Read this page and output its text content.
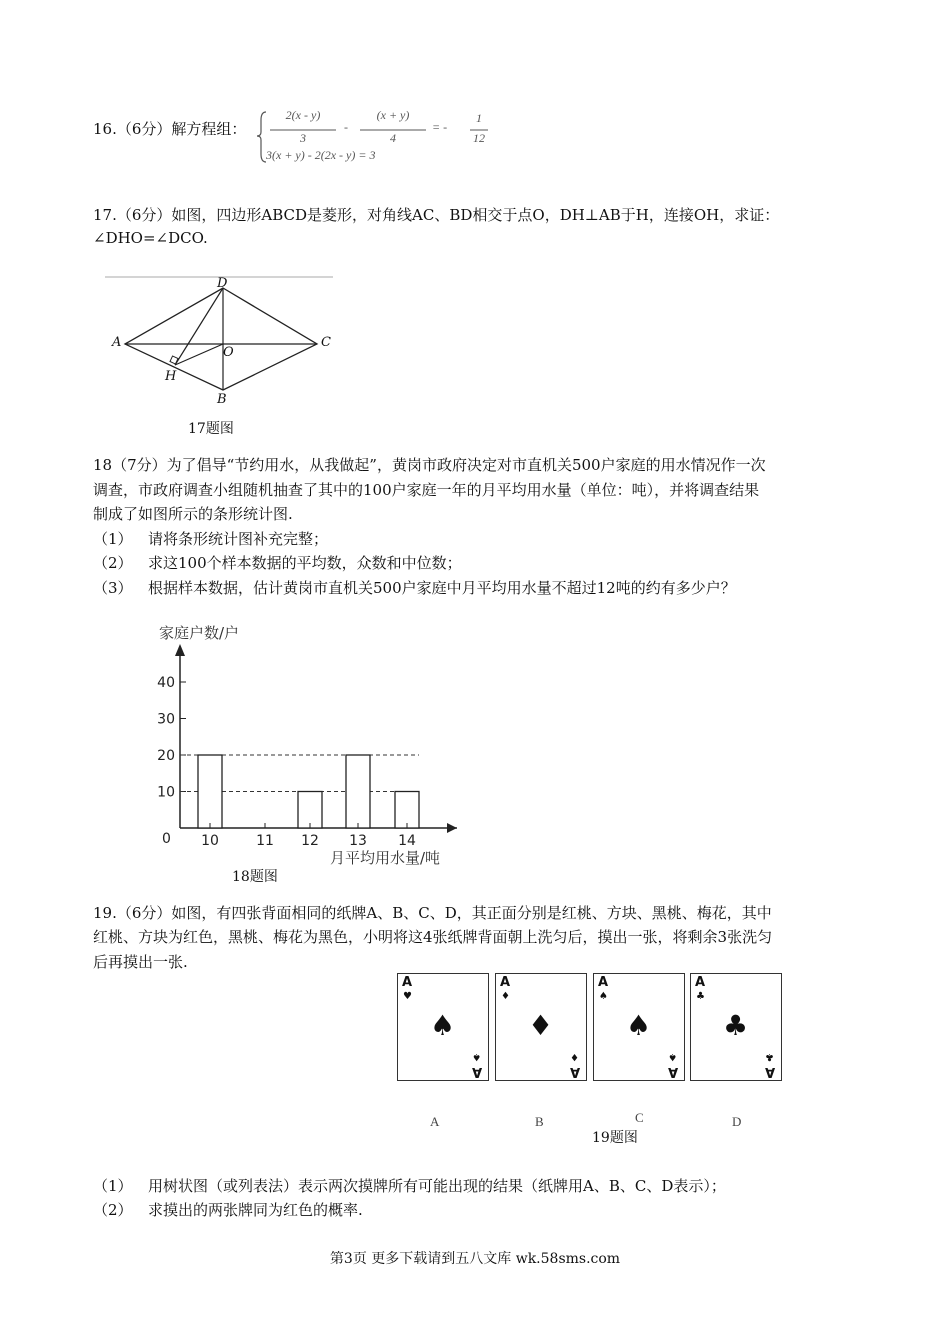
16.（6分）解方程组：
2(x - y)
3
-
(x + y)
4
= -
1
12
3(x + y) - 2(2x - y) = 3
17.（6分）如图，四边形ABCD是菱形，对角线AC、BD相交于点O，DH⊥AB于H，连接OH，求证：
∠DHO=∠DCO.
D
A	C
O
H
B
17题图
18（7分）为了倡导“节约用水，从我做起”，黄岗市政府决定对市直机关500户家庭的用水情况作一次
调查，市政府调查小组随机抽查了其中的100户家庭一年的月平均用水量（单位：吨），并将调查结果
制成了如图所示的条形统计图.
（1） 请将条形统计图补充完整；
（2） 求这100个样本数据的平均数，众数和中位数；
（3） 根据样本数据，估计黄岗市直机关500户家庭中月平均用水量不超过12吨的约有多少户？
家庭户数/户
月平均用水量/吨
0
40
30
20
10
10	11 12 13 14
18题图
19.（6分）如图，有四张背面相同的纸牌A、B、C、D，其正面分别是红桃、方块、黑桃、梅花，其中
红桃、方块为红色，黑桃、梅花为黑色，小明将这4张纸牌背面朝上洗匀后，摸出一张，将剩余3张洗匀
后再摸出一张.
A
♥
♠
♠
A
A
♦
♦
♦
A
A
♠
♠
♠
A
A
♣
♣
♣
A
A	B	C	D
19题图
（1） 用树状图（或列表法）表示两次摸牌所有可能出现的结果（纸牌用A、B、C、D表示）；
（2） 求摸出的两张牌同为红色的概率.
第3页 更多下载请到五八文库 wk.58sms.com
